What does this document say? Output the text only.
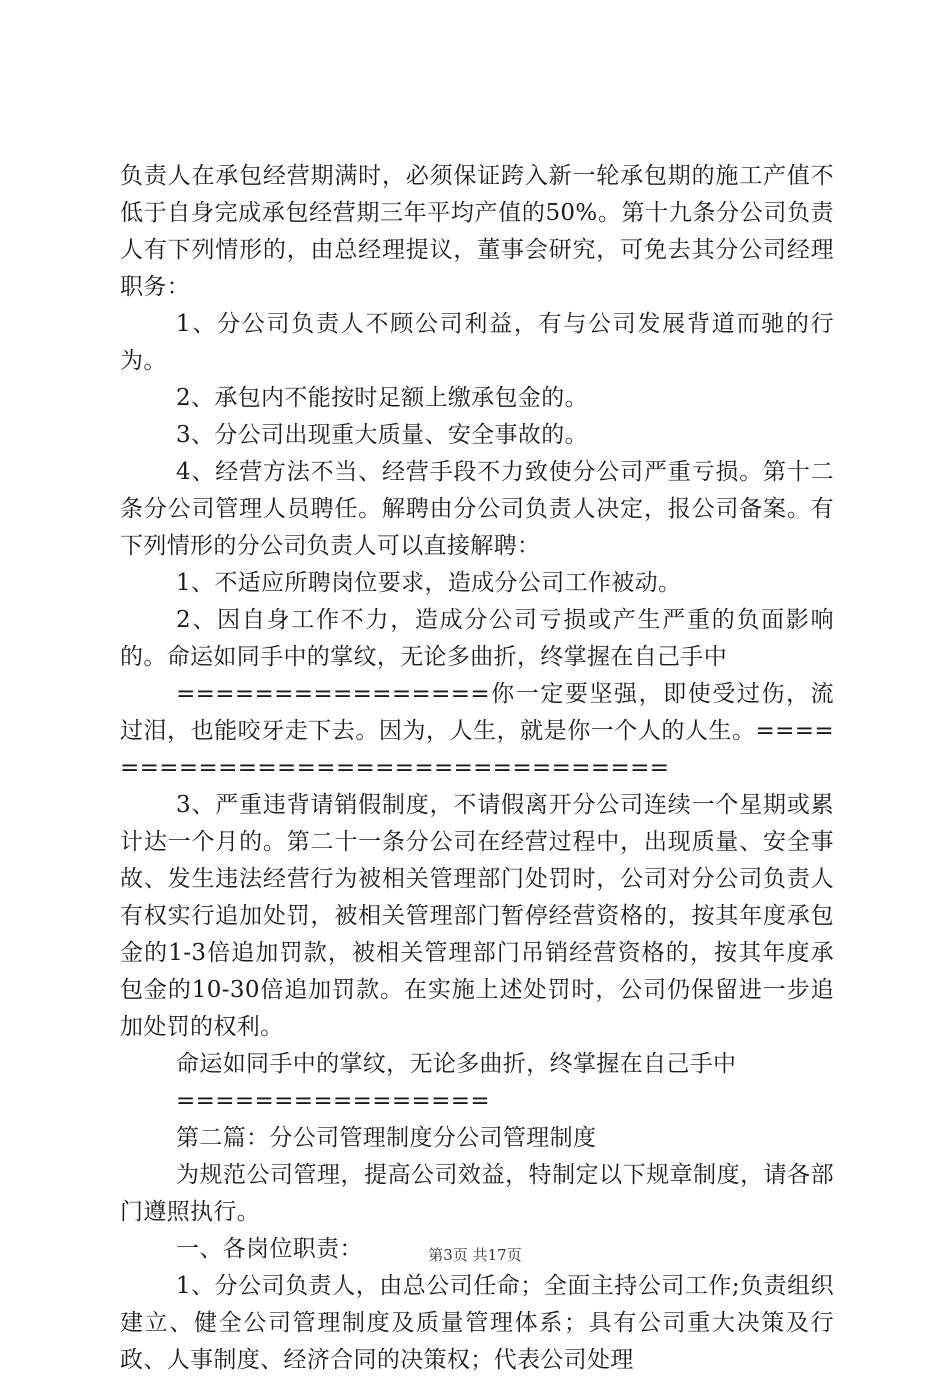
负责人在承包经营期满时，必须保证跨入新一轮承包期的施工产值不低于自身完成承包经营期三年平均产值的50%。第十九条分公司负责人有下列情形的，由总经理提议，董事会研究，可免去其分公司经理职务：

1、分公司负责人不顾公司利益，有与公司发展背道而驰的行为。

2、承包内不能按时足额上缴承包金的。

3、分公司出现重大质量、安全事故的。

4、经营方法不当、经营手段不力致使分公司严重亏损。第十二条分公司管理人员聘任。解聘由分公司负责人决定，报公司备案。有下列情形的分公司负责人可以直接解聘：

1、不适应所聘岗位要求，造成分公司工作被动。

2、因自身工作不力，造成分公司亏损或产生严重的负面影响的。命运如同手中的掌纹，无论多曲折，终掌握在自己手中

================你一定要坚强，即使受过伤，流过泪，也能咬牙走下去。因为，人生，就是你一个人的人生。================================

3、严重违背请销假制度，不请假离开分公司连续一个星期或累计达一个月的。第二十一条分公司在经营过程中，出现质量、安全事故、发生违法经营行为被相关管理部门处罚时，公司对分公司负责人有权实行追加处罚，被相关管理部门暂停经营资格的，按其年度承包金的1-3倍追加罚款，被相关管理部门吊销经营资格的，按其年度承包金的10-30倍追加罚款。在实施上述处罚时，公司仍保留进一步追加处罚的权利。

命运如同手中的掌纹，无论多曲折，终掌握在自己手中

================

第二篇：分公司管理制度分公司管理制度

为规范公司管理，提高公司效益，特制定以下规章制度，请各部门遵照执行。

一、各岗位职责：

1、分公司负责人，由总公司任命；全面主持公司工作;负责组织建立、健全公司管理制度及质量管理体系；具有公司重大决策及行政、人事制度、经济合同的决策权；代表公司处理

第3页 共17页
